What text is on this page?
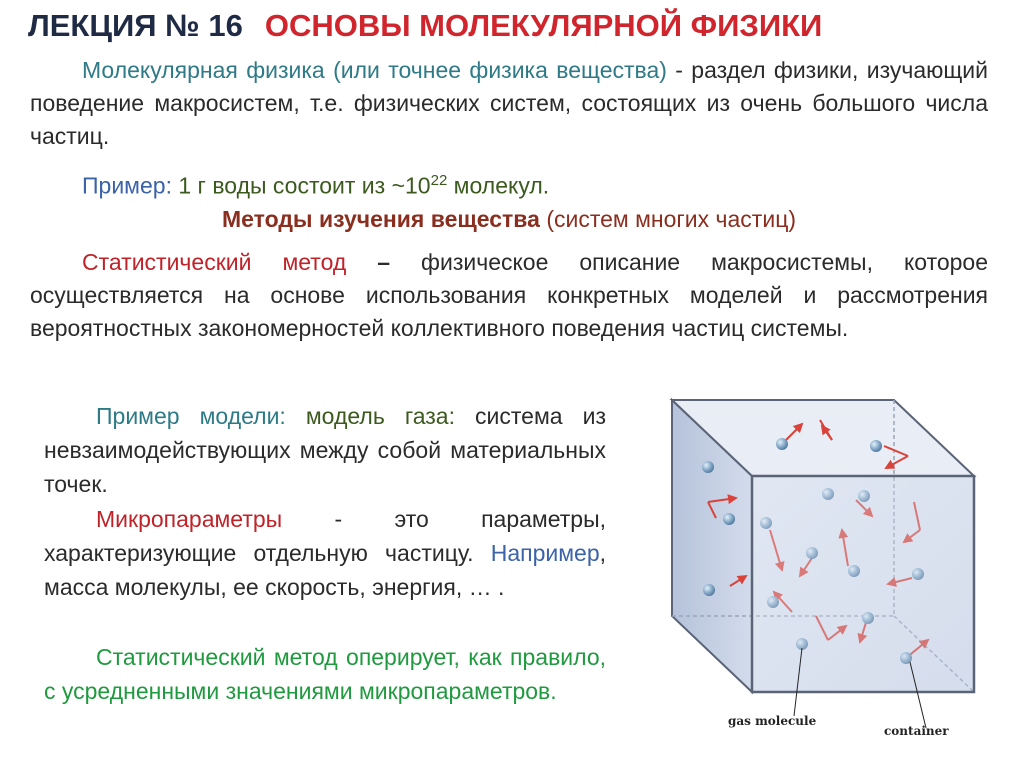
ЛЕКЦИЯ № 16 ОСНОВЫ МОЛЕКУЛЯРНОЙ ФИЗИКИ
Молекулярная физика (или точнее физика вещества) - раздел физики, изучающий поведение макросистем, т.е. физических систем, состоящих из очень большого числа частиц.
Пример: 1 г воды состоит из $\sim 10^{22}$ молекул.
Методы изучения вещества (систем многих частиц)
Статистический метод – физическое описание макросистемы, которое осуществляется на основе использования конкретных моделей и рассмотрения вероятностных закономерностей коллективного поведения частиц системы.
Пример модели: модель газа: система из невзаимодействующих между собой материальных точек.
Микропараметры - это параметры, характеризующие отдельную частицу. Например, масса молекулы, ее скорость, энергия, … .
Статистический метод оперирует, как правило, с усредненными значениями микропараметров.
gas molecule
container
